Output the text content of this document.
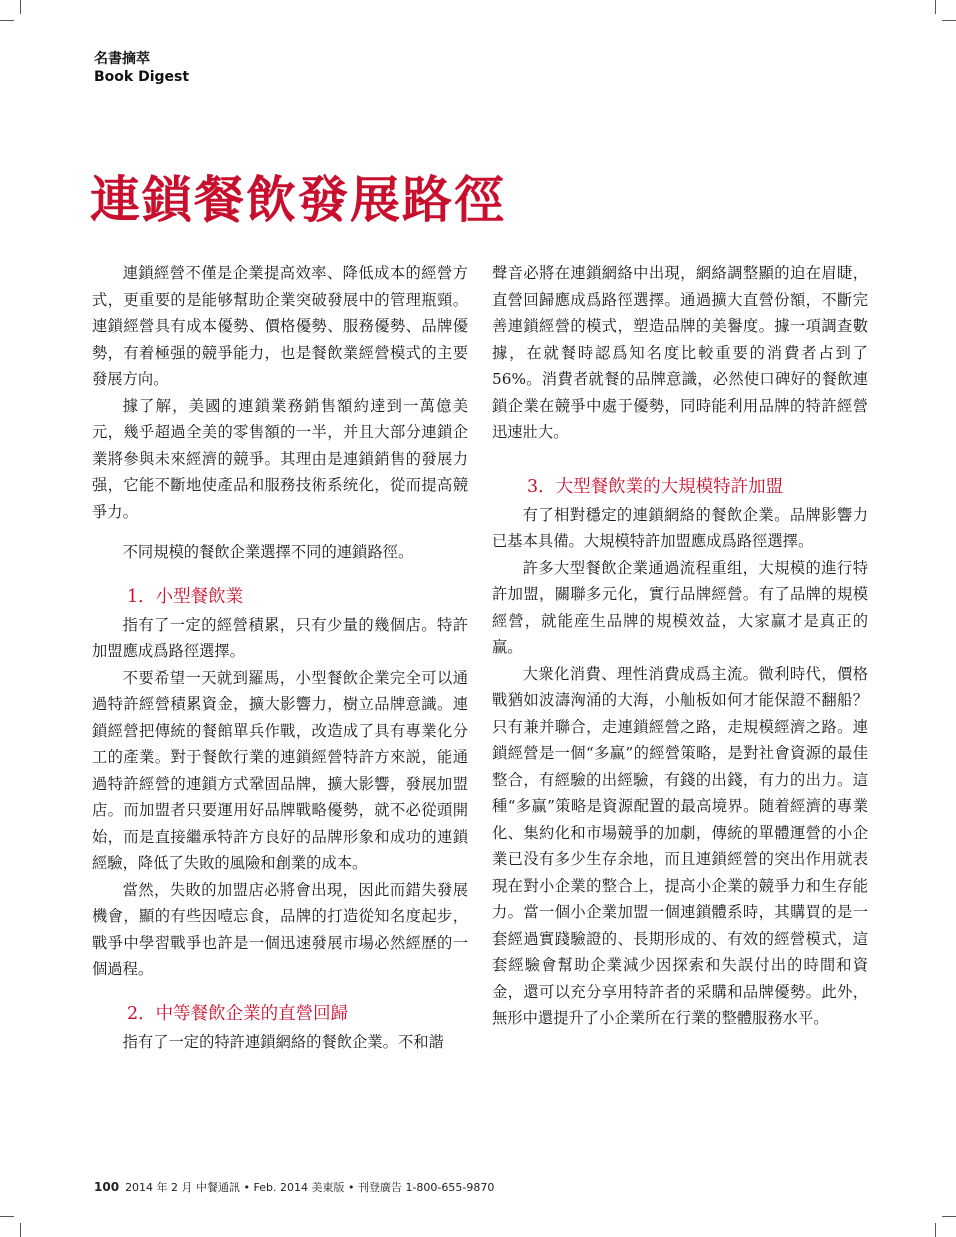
名書摘萃
Book Digest
連鎖餐飲發展路徑

連鎖經營不僅是企業提高效率、降低成本的經營方式，更重要的是能够幫助企業突破發展中的管理瓶頸。連鎖經營具有成本優勢、價格優勢、服務優勢、品牌優勢，有着極强的競爭能力，也是餐飲業經營模式的主要發展方向。

據了解，美國的連鎖業務銷售額約達到一萬億美元，幾乎超過全美的零售額的一半，并且大部分連鎖企業將參與未來經濟的競爭。其理由是連鎖銷售的發展力强，它能不斷地使產品和服務技術系统化，從而提高競爭力。

不同規模的餐飲企業選擇不同的連鎖路徑。

1．小型餐飲業

指有了一定的經營積累，只有少量的幾個店。特許加盟應成爲路徑選擇。

不要希望一天就到羅馬，小型餐飲企業完全可以通過特許經營積累資金，擴大影響力，樹立品牌意識。連鎖經營把傳統的餐館單兵作戰，改造成了具有專業化分工的產業。對于餐飲行業的連鎖經營特許方來説，能通過特許經營的連鎖方式鞏固品牌，擴大影響，發展加盟店。而加盟者只要運用好品牌戰略優勢，就不必從頭開始，而是直接繼承特許方良好的品牌形象和成功的連鎖經驗，降低了失敗的風險和創業的成本。

當然，失敗的加盟店必將會出現，因此而錯失發展機會，顯的有些因噎忘食，品牌的打造從知名度起步，戰爭中學習戰爭也許是一個迅速發展市場必然經歷的一個過程。

2．中等餐飲企業的直營回歸

指有了一定的特許連鎖網絡的餐飲企業。不和諧

聲音必將在連鎖網絡中出現，網絡調整顯的迫在眉睫，直營回歸應成爲路徑選擇。通過擴大直營份額，不斷完善連鎖經營的模式，塑造品牌的美譽度。據一項調查數據，在就餐時認爲知名度比較重要的消費者占到了56%。消費者就餐的品牌意識，必然使口碑好的餐飲連鎖企業在競爭中處于優勢，同時能利用品牌的特許經營迅速壯大。

3．大型餐飲業的大規模特許加盟

有了相對穩定的連鎖網絡的餐飲企業。品牌影響力已基本具備。大規模特許加盟應成爲路徑選擇。

許多大型餐飲企業通過流程重组，大規模的進行特許加盟，關聯多元化，實行品牌經營。有了品牌的規模經營，就能産生品牌的規模效益，大家赢才是真正的赢。

大衆化消費、理性消費成爲主流。微利時代，價格戰猶如波濤洶涌的大海，小舢板如何才能保證不翻船？只有兼并聯合，走連鎖經營之路，走規模經濟之路。連鎖經營是一個“多赢”的經營策略，是對社會資源的最佳整合，有經驗的出經驗，有錢的出錢，有力的出力。這種“多赢”策略是資源配置的最高境界。随着經濟的專業化、集約化和市場競爭的加劇，傳統的單體運營的小企業已没有多少生存余地，而且連鎖經營的突出作用就表現在對小企業的整合上，提高小企業的競爭力和生存能力。當一個小企業加盟一個連鎖體系時，其購買的是一套經過實踐驗證的、長期形成的、有效的經營模式，這套經驗會幫助企業減少因探索和失誤付出的時間和資金，還可以充分享用特許者的采購和品牌優勢。此外，無形中還提升了小企業所在行業的整體服務水平。

100 2014 年 2 月 中餐通訊 • Feb. 2014 美東版 • 刊登廣告 1-800-655-9870
